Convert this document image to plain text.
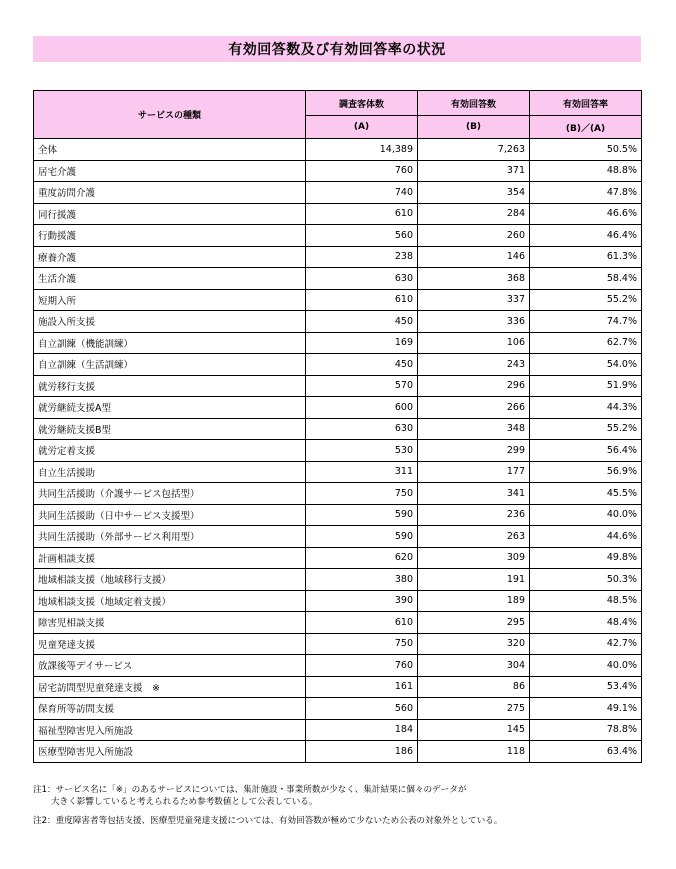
有効回答数及び有効回答率の状況
サービスの種類	調査客体数	有効回答数	有効回答率
	(A)	(B)	(B)／(A)
全体	14,389	7,263	50.5%
居宅介護	760	371	48.8%
重度訪問介護	740	354	47.8%
同行援護	610	284	46.6%
行動援護	560	260	46.4%
療養介護	238	146	61.3%
生活介護	630	368	58.4%
短期入所	610	337	55.2%
施設入所支援	450	336	74.7%
自立訓練（機能訓練）	169	106	62.7%
自立訓練（生活訓練）	450	243	54.0%
就労移行支援	570	296	51.9%
就労継続支援A型	600	266	44.3%
就労継続支援B型	630	348	55.2%
就労定着支援	530	299	56.4%
自立生活援助	311	177	56.9%
共同生活援助（介護サービス包括型）	750	341	45.5%
共同生活援助（日中サービス支援型）	590	236	40.0%
共同生活援助（外部サービス利用型）	590	263	44.6%
計画相談支援	620	309	49.8%
地域相談支援（地域移行支援）	380	191	50.3%
地域相談支援（地域定着支援）	390	189	48.5%
障害児相談支援	610	295	48.4%
児童発達支援	750	320	42.7%
放課後等デイサービス	760	304	40.0%
居宅訪問型児童発達支援　※	161	86	53.4%
保育所等訪問支援	560	275	49.1%
福祉型障害児入所施設	184	145	78.8%
医療型障害児入所施設	186	118	63.4%

注1：サービス名に「※」のあるサービスについては、集計施設・事業所数が少なく、集計結果に個々のデータが
大きく影響していると考えられるため参考数値として公表している。

注2：重度障害者等包括支援、医療型児童発達支援については、有効回答数が極めて少ないため公表の対象外としている。
